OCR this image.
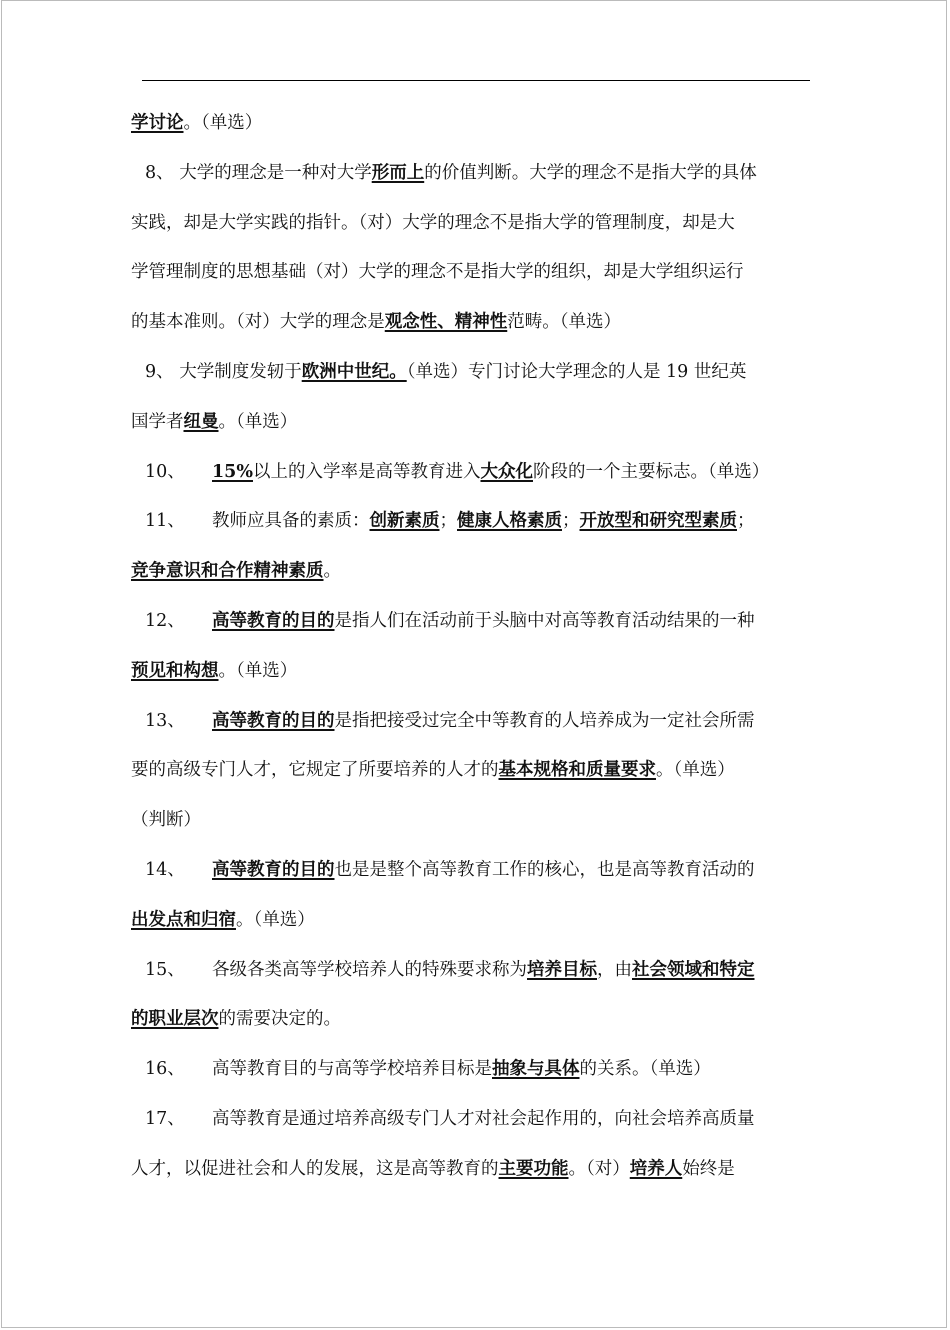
学讨论。（单选）
8、 大学的理念是一种对大学形而上的价值判断。大学的理念不是指大学的具体
实践，却是大学实践的指针。（对）大学的理念不是指大学的管理制度，却是大
学管理制度的思想基础（对）大学的理念不是指大学的组织，却是大学组织运行
的基本准则。（对）大学的理念是观念性、精神性范畴。（单选）
9、 大学制度发轫于欧洲中世纪。（单选）专门讨论大学理念的人是 19 世纪英
国学者纽曼。（单选）
10、 15%以上的入学率是高等教育进入大众化阶段的一个主要标志。（单选）
11、 教师应具备的素质：创新素质；健康人格素质；开放型和研究型素质；
竞争意识和合作精神素质。
12、 高等教育的目的是指人们在活动前于头脑中对高等教育活动结果的一种
预见和构想。（单选）
13、 高等教育的目的是指把接受过完全中等教育的人培养成为一定社会所需
要的高级专门人才，它规定了所要培养的人才的基本规格和质量要求。（单选）
（判断）
14、 高等教育的目的也是是整个高等教育工作的核心，也是高等教育活动的
出发点和归宿。（单选）
15、 各级各类高等学校培养人的特殊要求称为培养目标，由社会领域和特定
的职业层次的需要决定的。
16、 高等教育目的与高等学校培养目标是抽象与具体的关系。（单选）
17、 高等教育是通过培养高级专门人才对社会起作用的，向社会培养高质量
人才，以促进社会和人的发展，这是高等教育的主要功能。（对）培养人始终是
